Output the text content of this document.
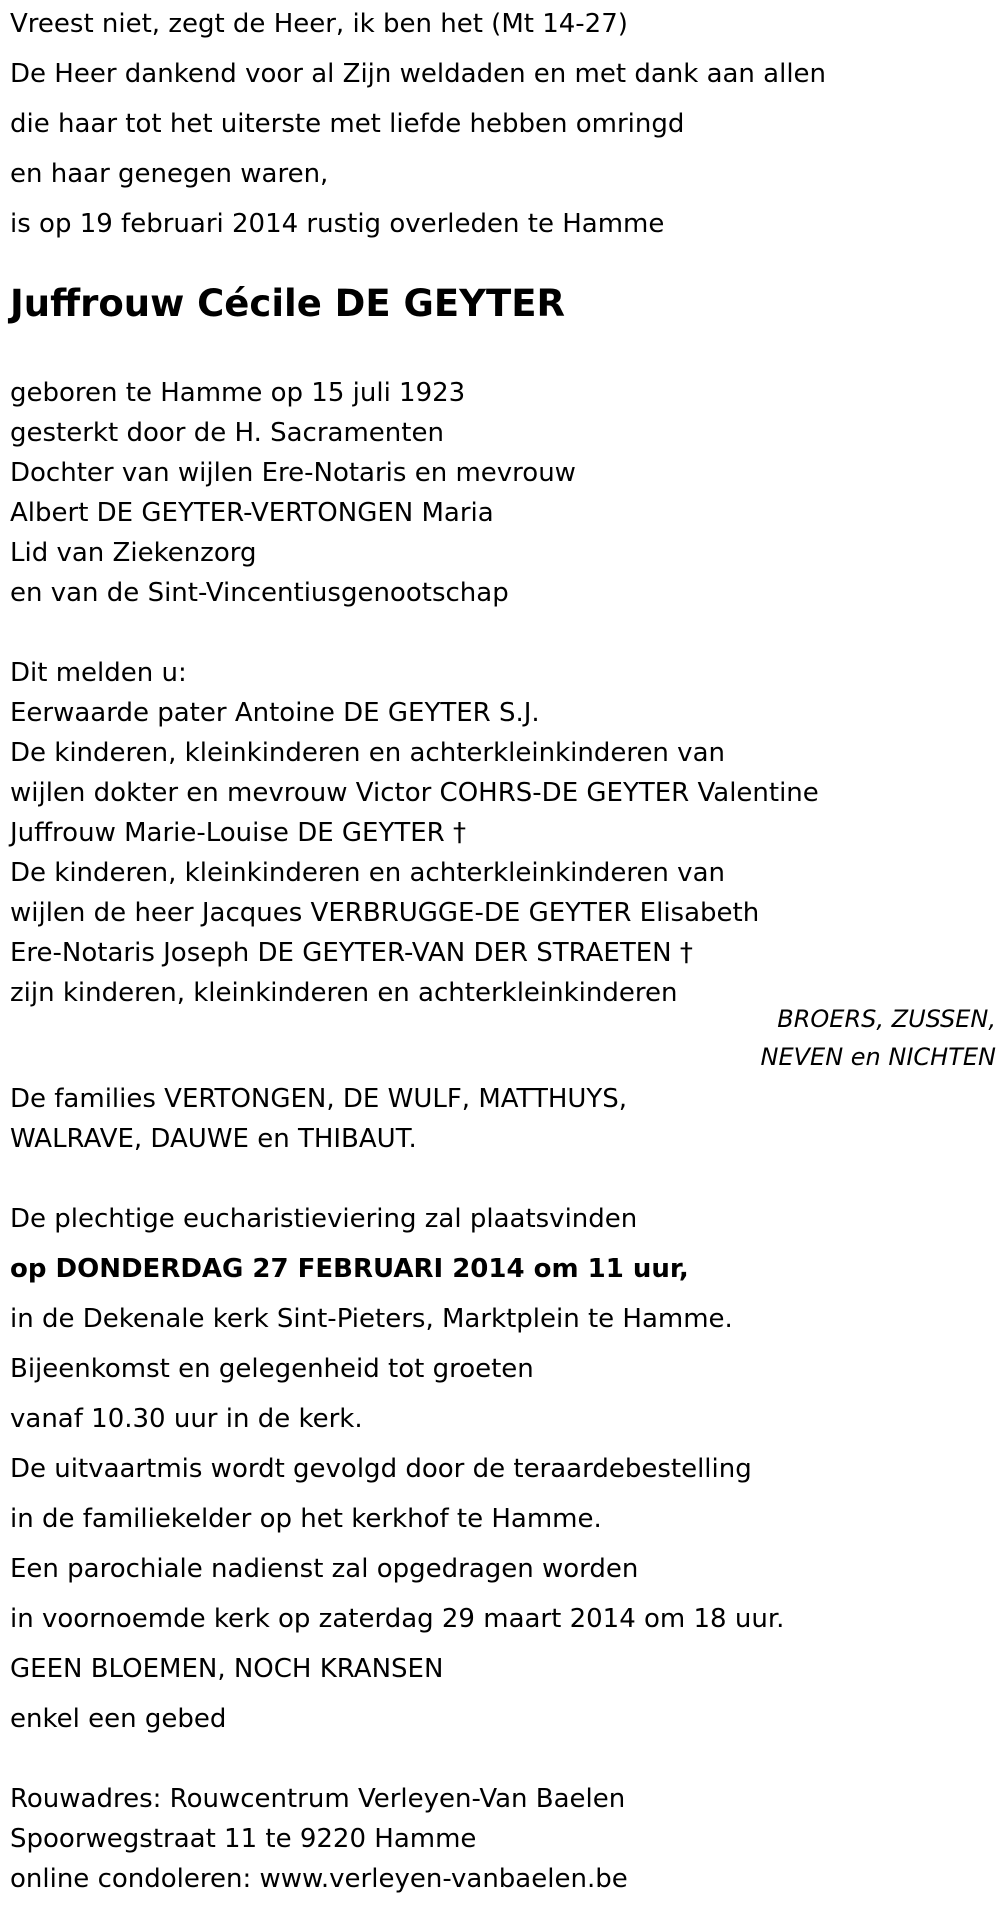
Vreest niet, zegt de Heer, ik ben het (Mt 14-27)
De Heer dankend voor al Zijn weldaden en met dank aan allen
die haar tot het uiterste met liefde hebben omringd
en haar genegen waren,
is op 19 februari 2014 rustig overleden te Hamme
Juffrouw Cécile DE GEYTER
geboren te Hamme op 15 juli 1923
gesterkt door de H. Sacramenten
Dochter van wijlen Ere-Notaris en mevrouw
Albert DE GEYTER-VERTONGEN Maria
Lid van Ziekenzorg
en van de Sint-Vincentiusgenootschap
Dit melden u:
Eerwaarde pater Antoine DE GEYTER S.J.
De kinderen, kleinkinderen en achterkleinkinderen van
wijlen dokter en mevrouw Victor COHRS-DE GEYTER Valentine
Juffrouw Marie-Louise DE GEYTER †
De kinderen, kleinkinderen en achterkleinkinderen van
wijlen de heer Jacques VERBRUGGE-DE GEYTER Elisabeth
Ere-Notaris Joseph DE GEYTER-VAN DER STRAETEN †
zijn kinderen, kleinkinderen en achterkleinkinderen
BROERS, ZUSSEN,
NEVEN en NICHTEN
De families VERTONGEN, DE WULF, MATTHUYS,
WALRAVE, DAUWE en THIBAUT.
De plechtige eucharistieviering zal plaatsvinden
op DONDERDAG 27 FEBRUARI 2014 om 11 uur,
in de Dekenale kerk Sint-Pieters, Marktplein te Hamme.
Bijeenkomst en gelegenheid tot groeten
vanaf 10.30 uur in de kerk.
De uitvaartmis wordt gevolgd door de teraardebestelling
in de familiekelder op het kerkhof te Hamme.
Een parochiale nadienst zal opgedragen worden
in voornoemde kerk op zaterdag 29 maart 2014 om 18 uur.
GEEN BLOEMEN, NOCH KRANSEN
enkel een gebed
Rouwadres: Rouwcentrum Verleyen-Van Baelen
Spoorwegstraat 11 te 9220 Hamme
online condoleren: www.verleyen-vanbaelen.be
